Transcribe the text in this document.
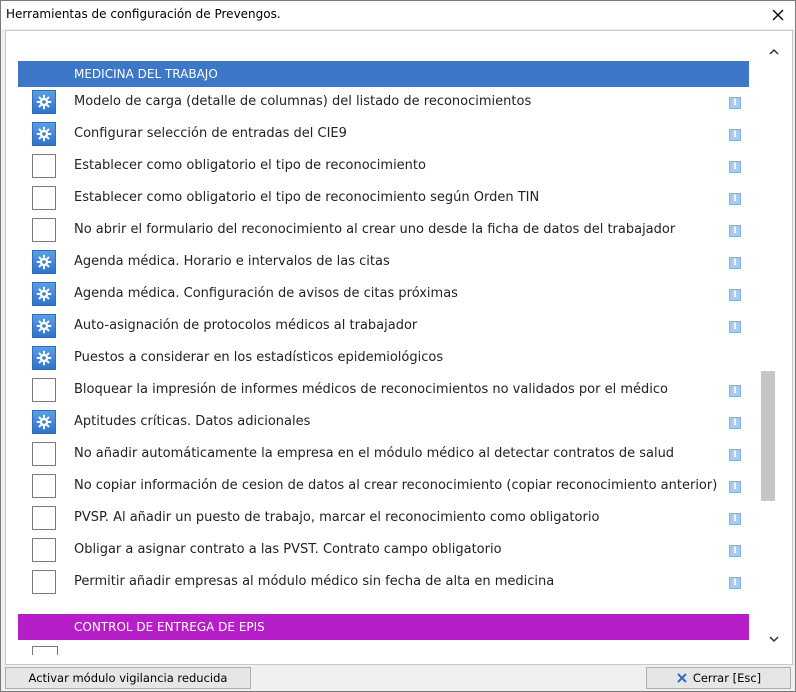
Herramientas de configuración de Prevengos.
MEDICINA DEL TRABAJO
Modelo de carga (detalle de columnas) del listado de reconocimientos	i
Configurar selección de entradas del CIE9	i
Establecer como obligatorio el tipo de reconocimiento	i
Establecer como obligatorio el tipo de reconocimiento según Orden TIN	i
No abrir el formulario del reconocimiento al crear uno desde la ficha de datos del trabajador	i
Agenda médica. Horario e intervalos de las citas	i
Agenda médica. Configuración de avisos de citas próximas	i
Auto-asignación de protocolos médicos al trabajador	i
Puestos a considerar en los estadísticos epidemiológicos
Bloquear la impresión de informes médicos de reconocimientos no validados por el médico	i
Aptitudes críticas. Datos adicionales	i
No añadir automáticamente la empresa en el módulo médico al detectar contratos de salud	i
No copiar información de cesion de datos al crear reconocimiento (copiar reconocimiento anterior)	i
PVSP. Al añadir un puesto de trabajo, marcar el reconocimiento como obligatorio	i
Obligar a asignar contrato a las PVST. Contrato campo obligatorio	i
Permitir añadir empresas al módulo médico sin fecha de alta en medicina	i
CONTROL DE ENTREGA DE EPIS
Activar módulo vigilancia reducida	Cerrar [Esc]
